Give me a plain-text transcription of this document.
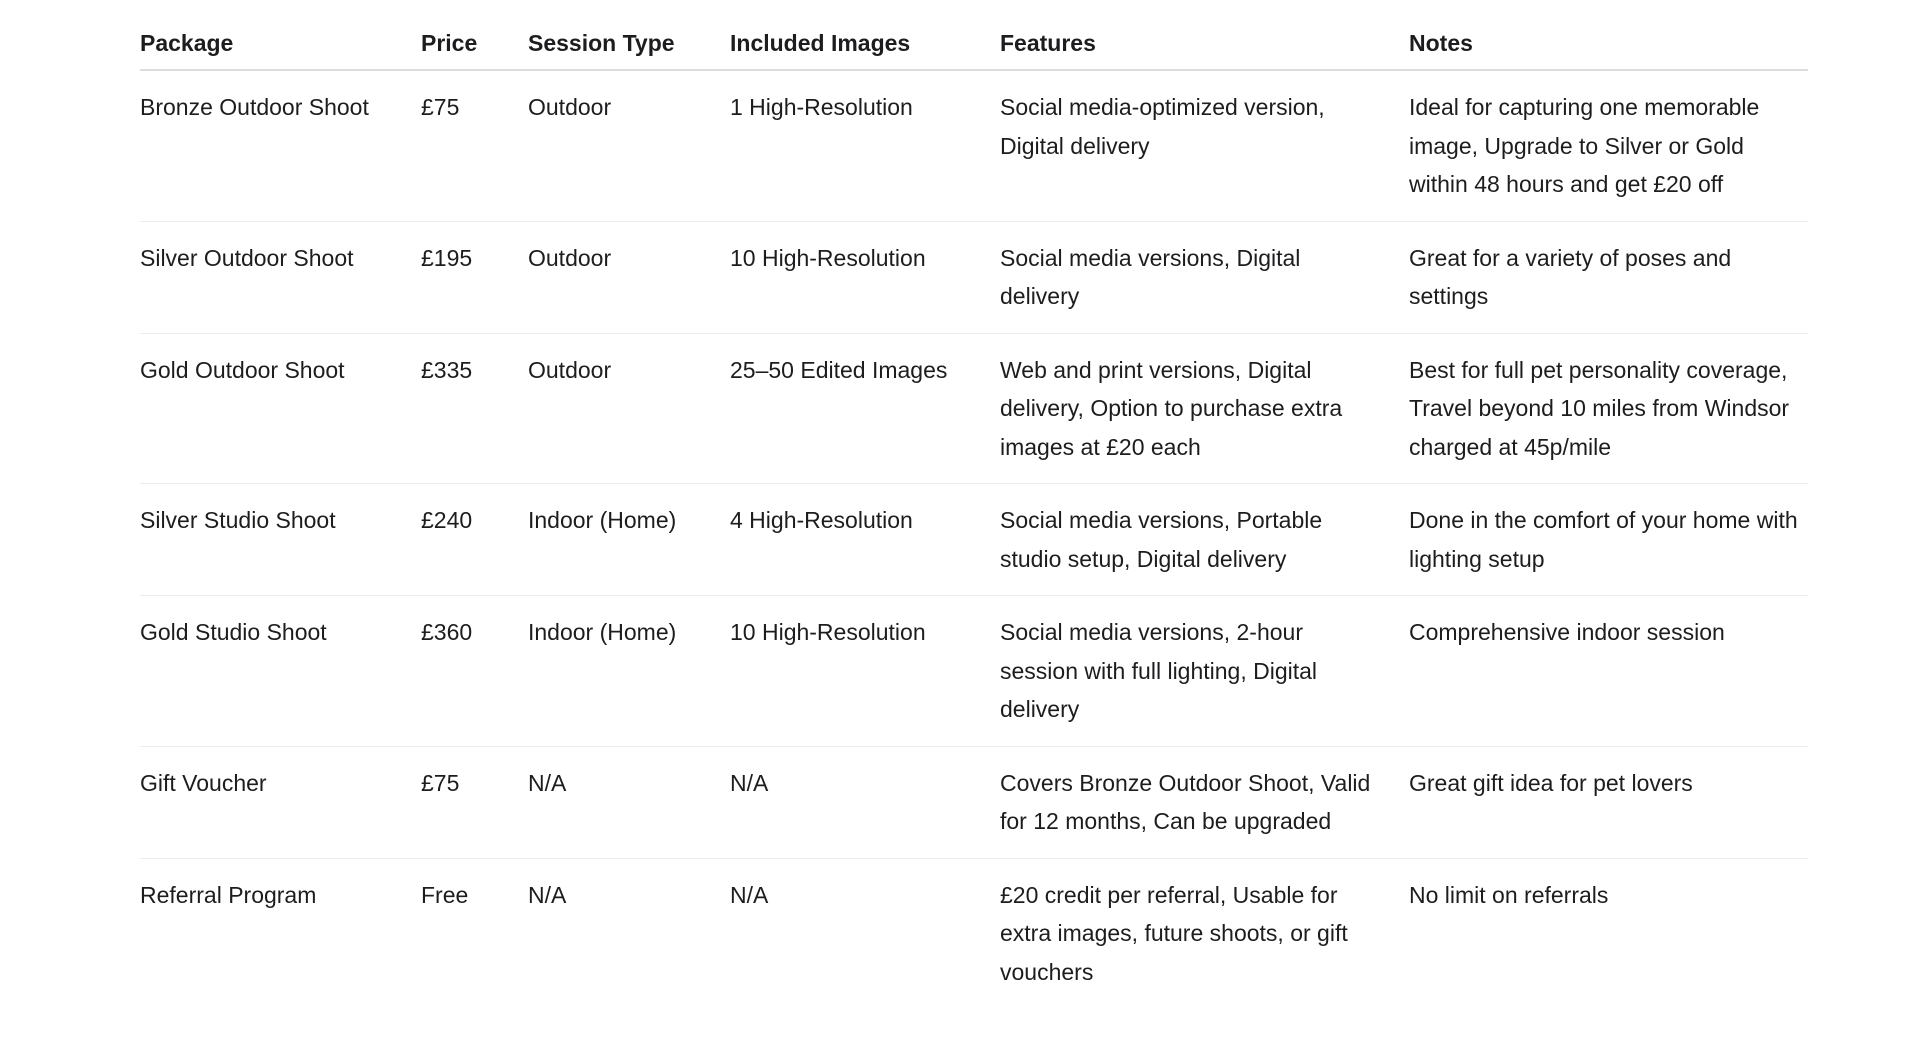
Package	Price	Session Type	Included Images	Features	Notes
Bronze Outdoor Shoot	£75	Outdoor	1 High-Resolution	Social media-optimized version, Digital delivery	Ideal for capturing one memorable image, Upgrade to Silver or Gold within 48 hours and get £20 off
Silver Outdoor Shoot	£195	Outdoor	10 High-Resolution	Social media versions, Digital delivery	Great for a variety of poses and settings
Gold Outdoor Shoot	£335	Outdoor	25–50 Edited Images	Web and print versions, Digital delivery, Option to purchase extra images at £20 each	Best for full pet personality coverage, Travel beyond 10 miles from Windsor charged at 45p/mile
Silver Studio Shoot	£240	Indoor (Home)	4 High-Resolution	Social media versions, Portable studio setup, Digital delivery	Done in the comfort of your home with lighting setup
Gold Studio Shoot	£360	Indoor (Home)	10 High-Resolution	Social media versions, 2-hour session with full lighting, Digital delivery	Comprehensive indoor session
Gift Voucher	£75	N/A	N/A	Covers Bronze Outdoor Shoot, Valid for 12 months, Can be upgraded	Great gift idea for pet lovers
Referral Program	Free	N/A	N/A	£20 credit per referral, Usable for extra images, future shoots, or gift vouchers	No limit on referrals
